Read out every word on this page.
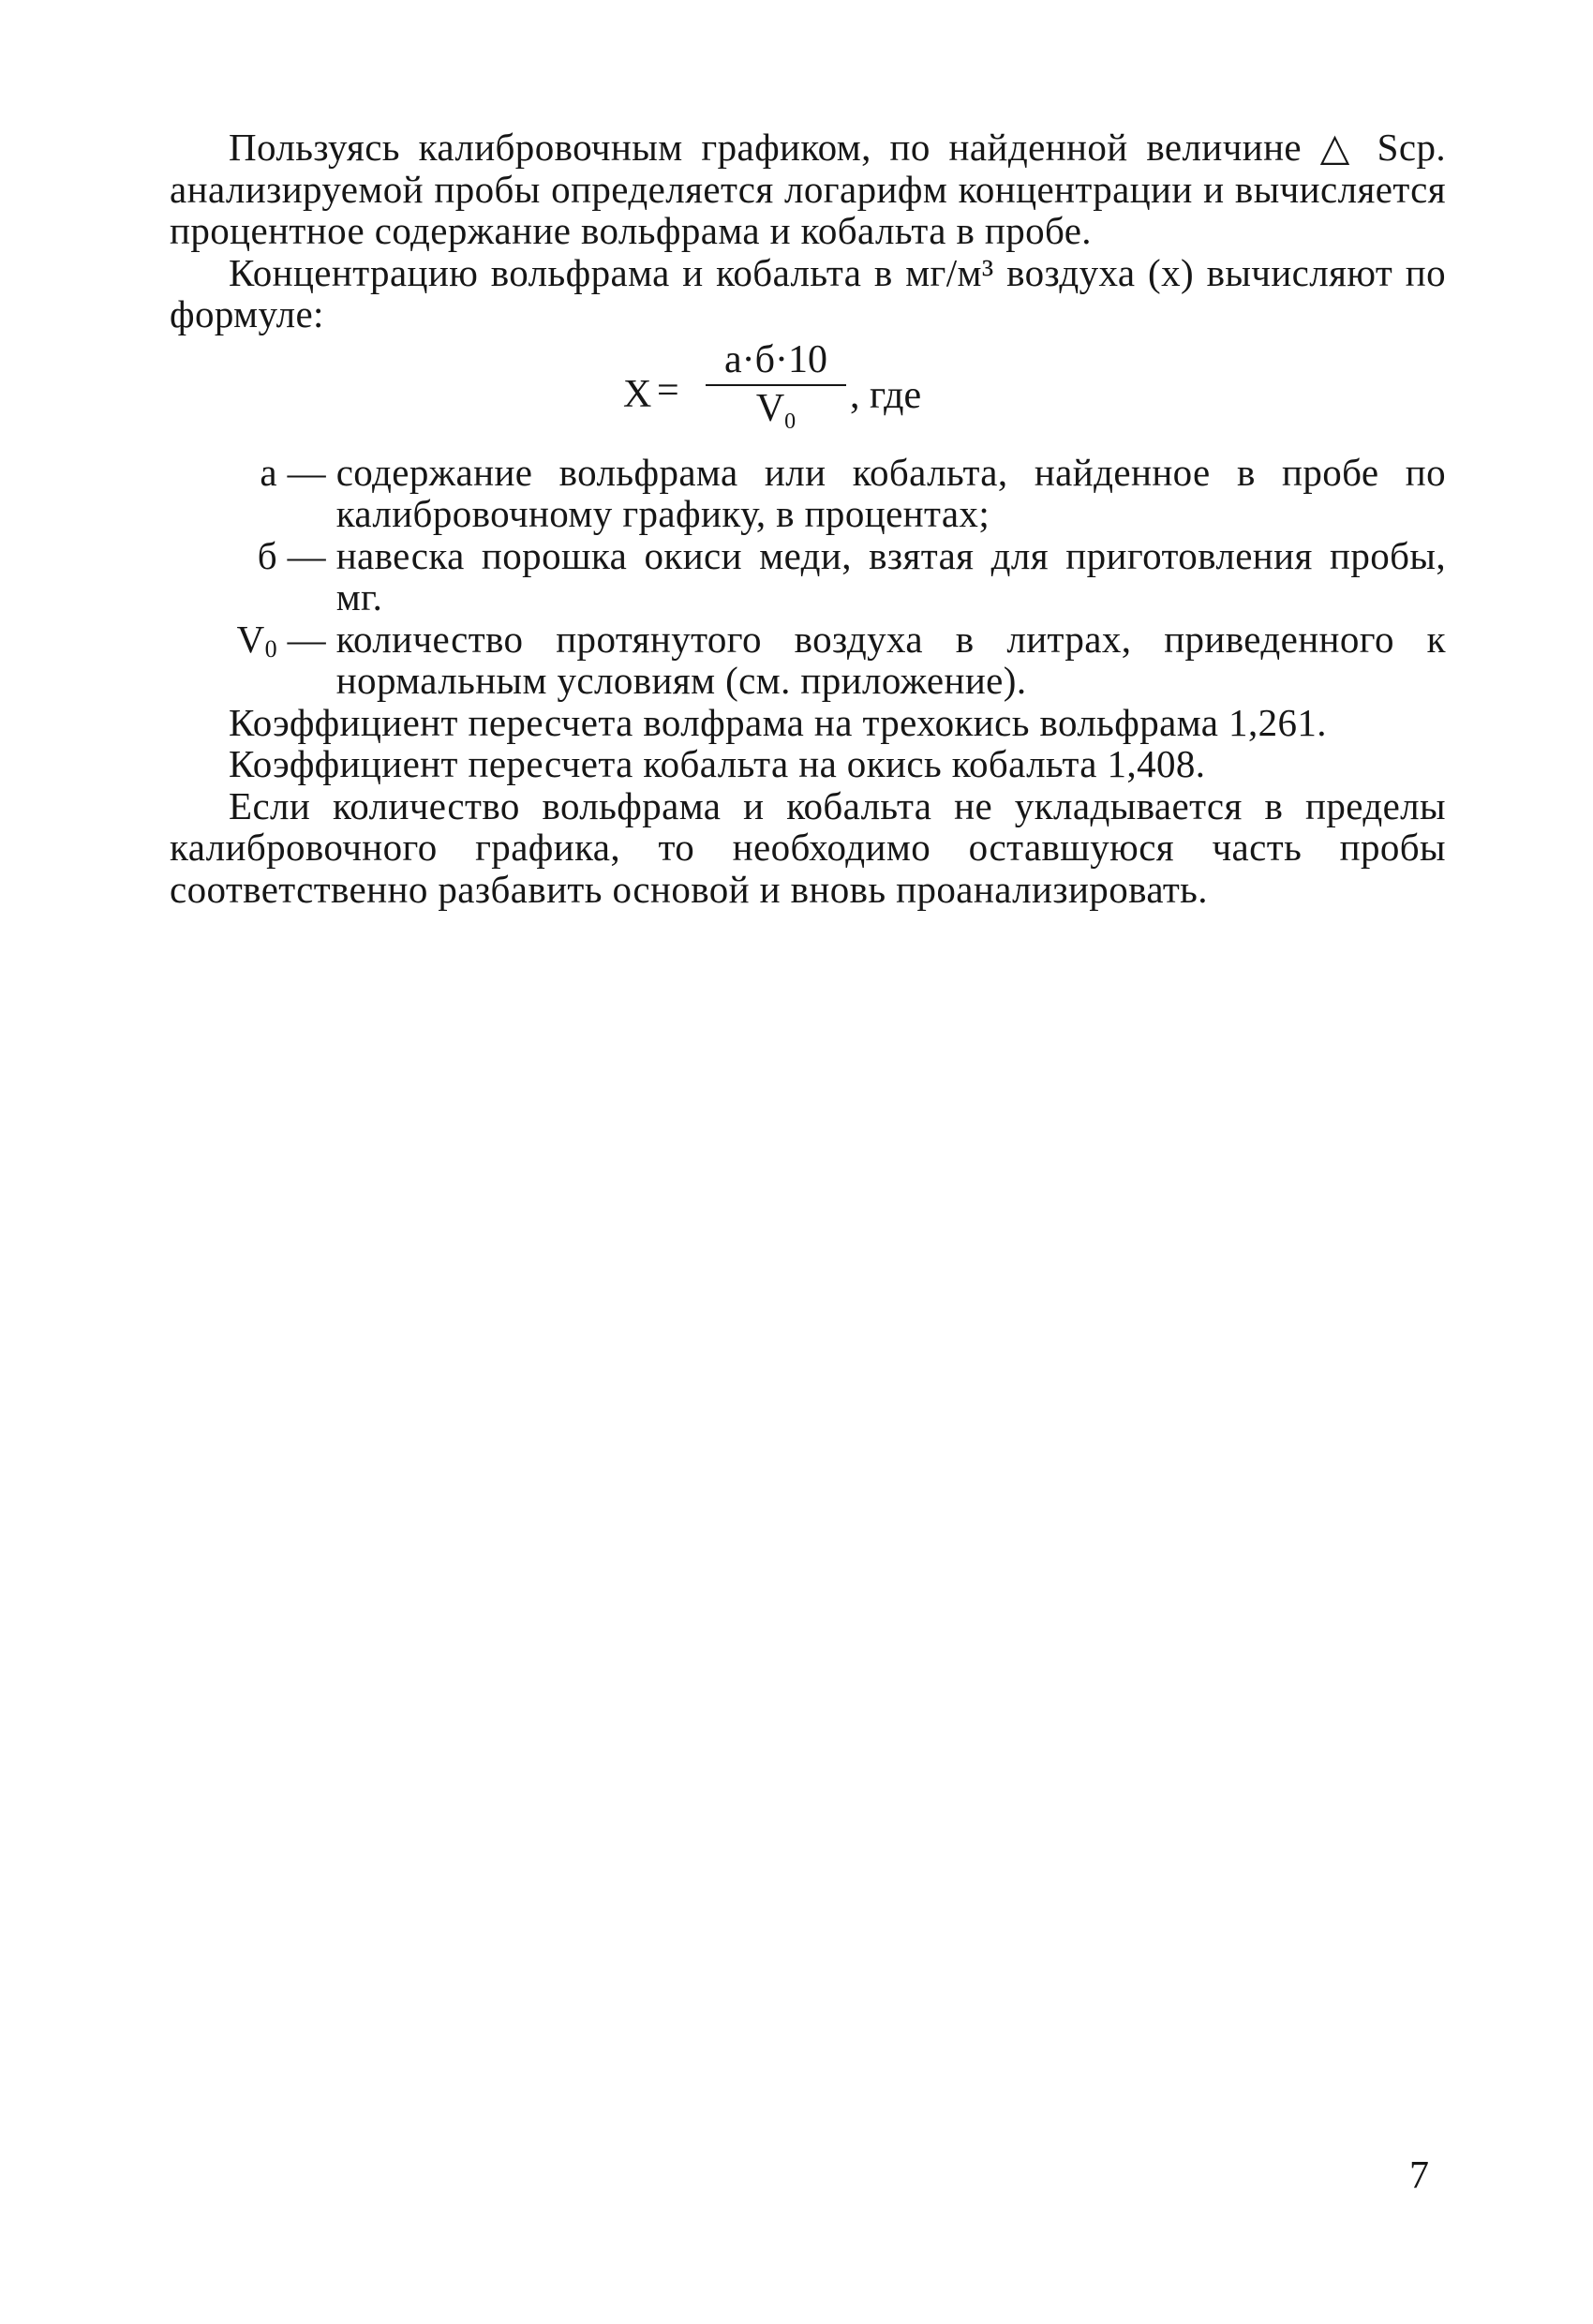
Пользуясь калибровочным графиком, по найденной величине △ Sср. анализируемой пробы определяется логарифм концентрации и вычисляется процентное содержание вольфрама и кобальта в пробе.

Концентрацию вольфрама и кобальта в мг/м³ воздуха (х) вычисляют по формуле:

X =
а·б·10
$V_0$
, где
а — содержание вольфрама или кобальта, найденное в пробе по калибровочному графику, в процентах;
б — навеска порошка окиси меди, взятая для приготовления пробы, мг.
$V_0$ — количество протянутого воздуха в литрах, приведенного к нормальным условиям (см. приложение).

Коэффициент пересчета волфрама на трехокись вольфрама 1,261.

Коэффициент пересчета кобальта на окись кобальта 1,408.

Если количество вольфрама и кобальта не укладывается в пределы калибровочного графика, то необходимо оставшуюся часть пробы соответственно разбавить основой и вновь проанализировать.

7
